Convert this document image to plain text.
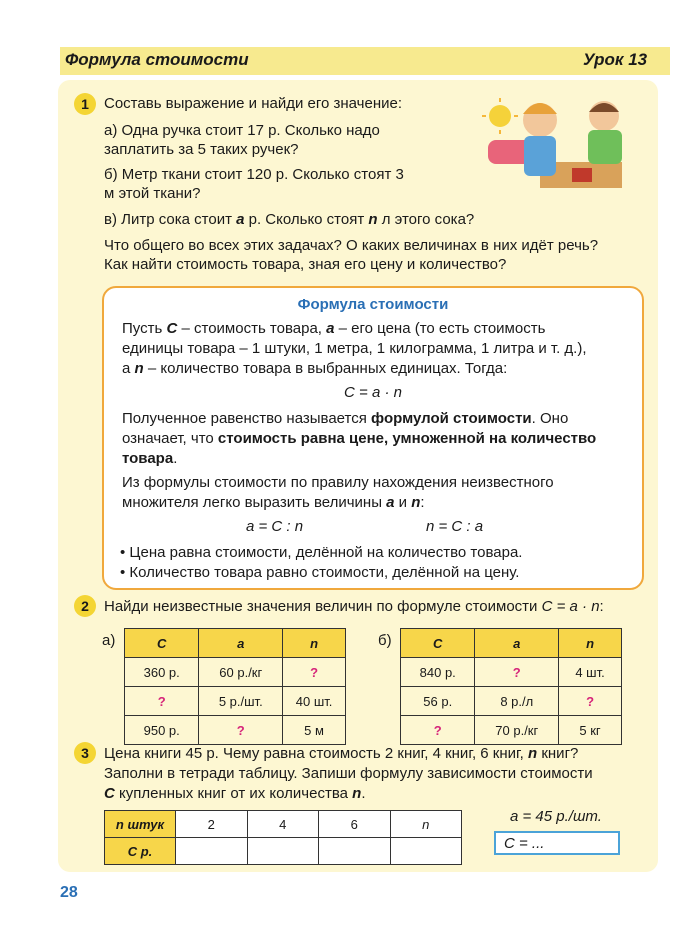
Формула стоимости	Урок 13
1	Составь выражение и найди его значение:
а) Одна ручка стоит 17 р. Сколько надо
заплатить за 5 таких ручек?
б) Метр ткани стоит 120 р. Сколько стоят 3
м этой ткани?
в) Литр сока стоит a р. Сколько стоят n л этого сока?
Что общего во всех этих задачах? О каких величинах в них идёт речь?
Как найти стоимость товара, зная его цену и количество?
Формула стоимости
Пусть C – стоимость товара, a – его цена (то есть стоимость
единицы товара – 1 штуки, 1 метра, 1 килограмма, 1 литра и т. д.),
а n – количество товара в выбранных единицах. Тогда:
C = a · n
Полученное равенство называется формулой стоимости. Оно
означает, что стоимость равна цене, умноженной на количество
товара.
Из формулы стоимости по правилу нахождения неизвестного
множителя легко выразить величины a и n:
a = C : n	n = C : a
• Цена равна стоимости, делённой на количество товара.
• Количество товара равно стоимости, делённой на цену.
2	Найди неизвестные значения величин по формуле стоимости C = a · n:
а)	C	a	n
360 р.	60 р./кг	?
?	5 р./шт.	40 шт.
950 р.	?	5 м
б)	C	a	n
840 р.	?	4 шт.
56 р.	8 р./л	?
?	70 р./кг	5 кг
3	Цена книги 45 р. Чему равна стоимость 2 книг, 4 книг, 6 книг, n книг?
Заполни в тетради таблицу. Запиши формулу зависимости стоимости
C купленных книг от их количества n.
n штук	2	4	6	n
C р.				
a = 45 р./шт.
C = ...
28
